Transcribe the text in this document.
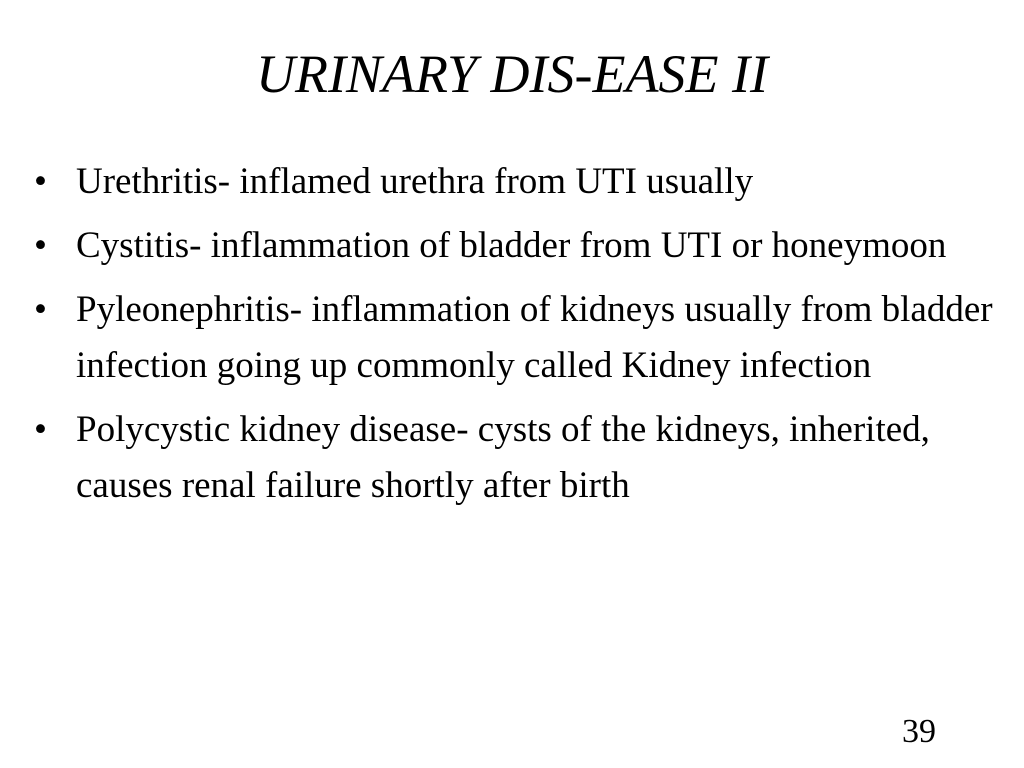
URINARY DIS-EASE II
• Urethritis- inflamed urethra from UTI usually
• Cystitis- inflammation of bladder from UTI or honeymoon
• Pyleonephritis- inflammation of kidneys usually from bladder infection going up commonly called Kidney infection
• Polycystic kidney disease- cysts of the kidneys, inherited, causes renal failure shortly after birth
39
